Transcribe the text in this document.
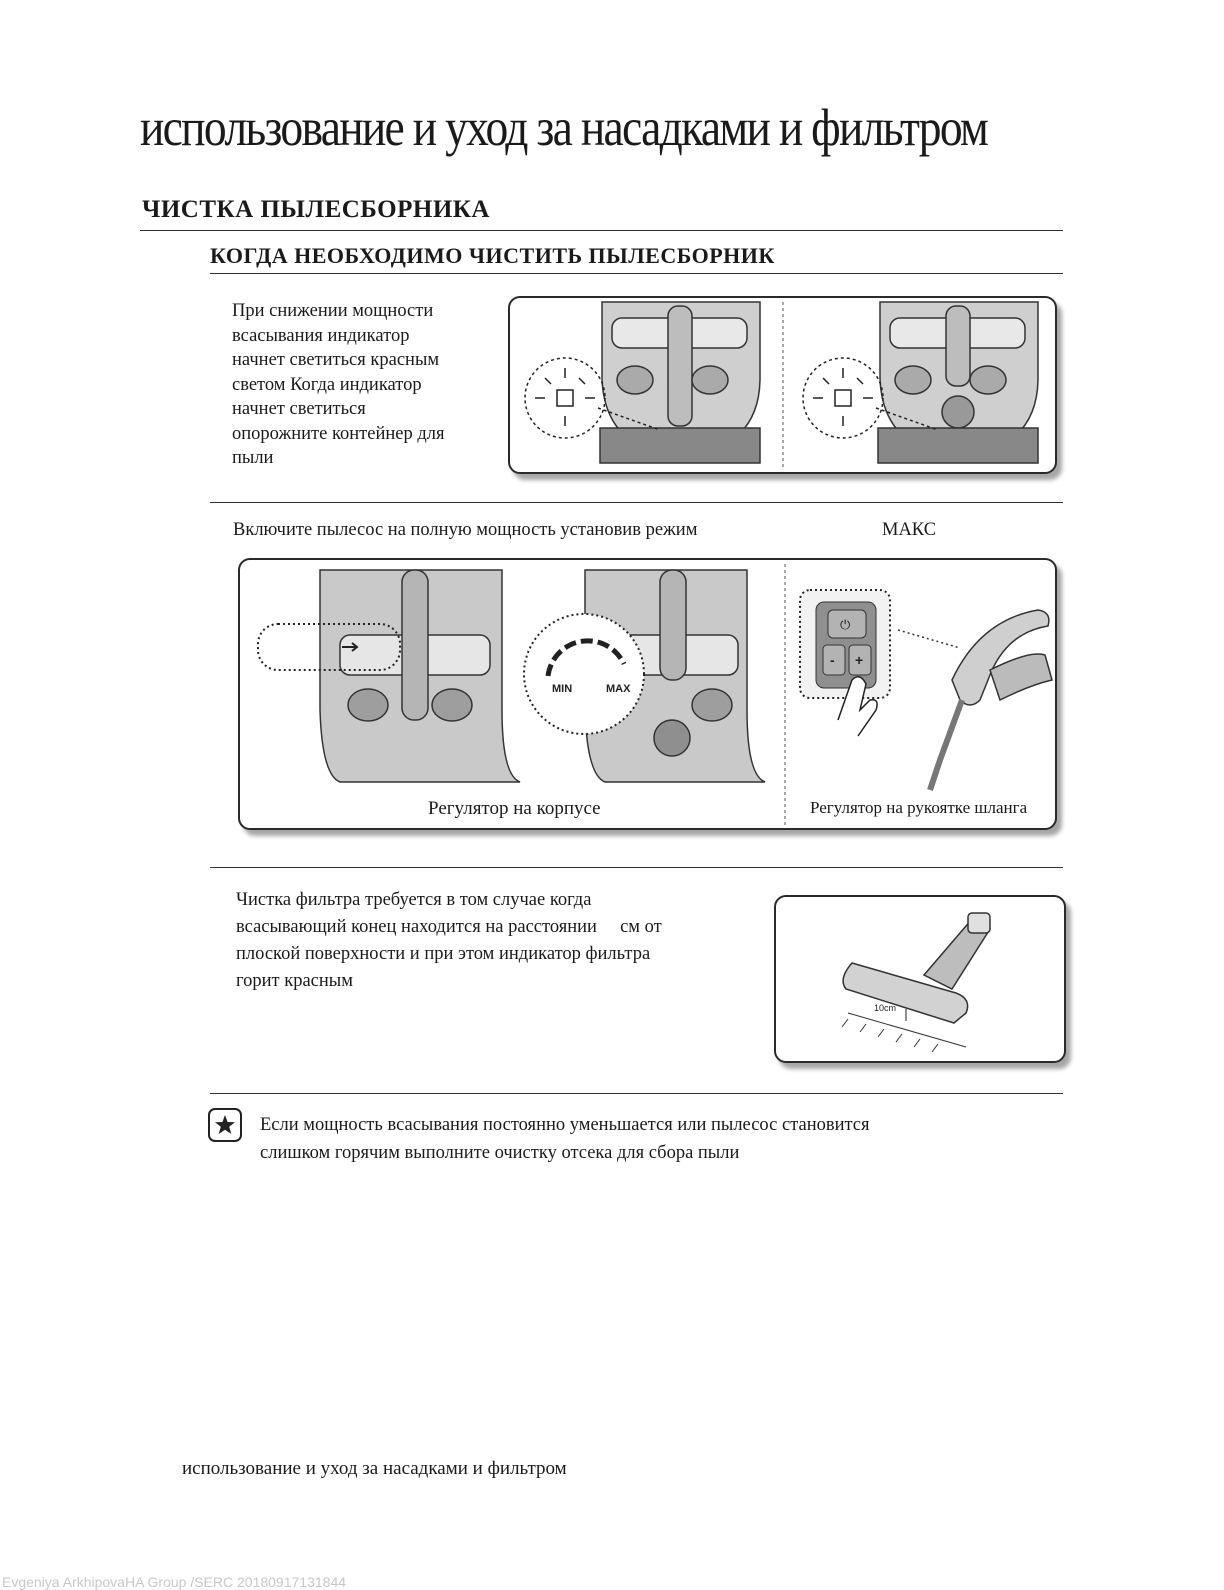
использование и уход за насадками и фильтром
ЧИСТКА ПЫЛЕСБОРНИКА
КОГДА НЕОБХОДИМО ЧИСТИТЬ ПЫЛЕСБОРНИК
При снижении мощности
всасывания индикатор
начнет светиться красным
светом Когда индикатор
начнет светиться
опорожните контейнер для
пыли
Включите пылесос на полную мощность установив режим	МАКС
MIN	MAX
⏻
- +
Регулятор на корпусе	Регулятор на рукоятке шланга
Чистка фильтра требуется в том случае когда
всасывающий конец находится на расстоянии     см от
плоской поверхности и при этом индикатор фильтра
горит красным
10cm
Если мощность всасывания постоянно уменьшается или пылесос становится
слишком горячим выполните очистку отсека для сбора пыли
использование и уход за насадками и фильтром
Evgeniya ArkhipovaHA Group /SERC 20180917131844
